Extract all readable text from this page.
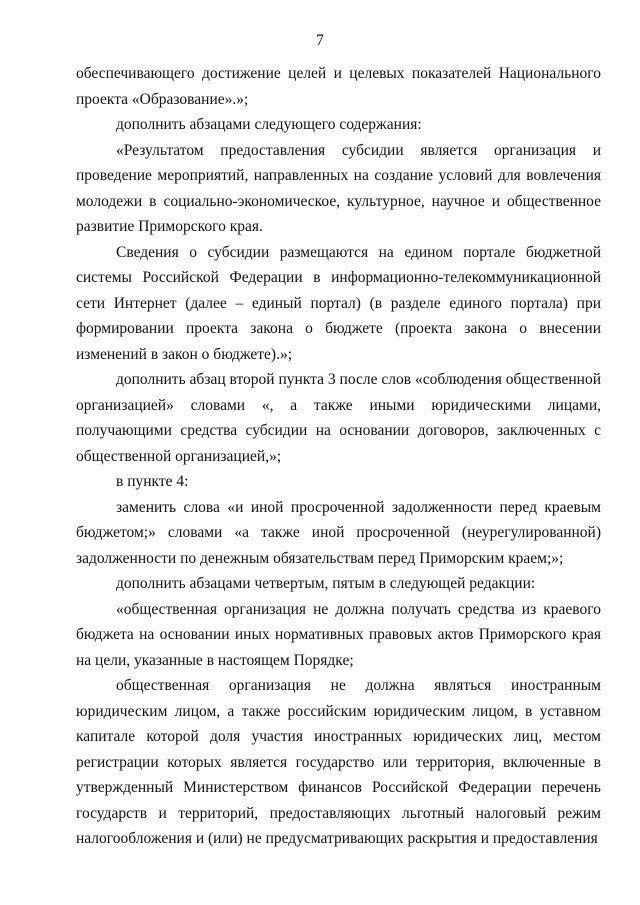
7

обеспечивающего достижение целей и целевых показателей Национального проекта «Образование».»;

дополнить абзацами следующего содержания:

«Результатом предоставления субсидии является организация и проведение мероприятий, направленных на создание условий для вовлечения молодежи в социально-экономическое, культурное, научное и общественное развитие Приморского края.

Сведения о субсидии размещаются на едином портале бюджетной системы Российской Федерации в информационно-телекоммуникационной сети Интернет (далее – единый портал) (в разделе единого портала) при формировании проекта закона о бюджете (проекта закона о внесении изменений в закон о бюджете).»;

дополнить абзац второй пункта 3 после слов «соблюдения общественной организацией» словами «, а также иными юридическими лицами, получающими средства субсидии на основании договоров, заключенных с общественной организацией,»;

в пункте 4:

заменить слова «и иной просроченной задолженности перед краевым бюджетом;» словами «а также иной просроченной (неурегулированной) задолженности по денежным обязательствам перед Приморским краем;»;

дополнить абзацами четвертым, пятым в следующей редакции:

«общественная организация не должна получать средства из краевого бюджета на основании иных нормативных правовых актов Приморского края на цели, указанные в настоящем Порядке;

общественная организация не должна являться иностранным юридическим лицом, а также российским юридическим лицом, в уставном капитале которой доля участия иностранных юридических лиц, местом регистрации которых является государство или территория, включенные в утвержденный Министерством финансов Российской Федерации перечень государств и территорий, предоставляющих льготный налоговый режим налогообложения и (или) не предусматривающих раскрытия и предоставления
